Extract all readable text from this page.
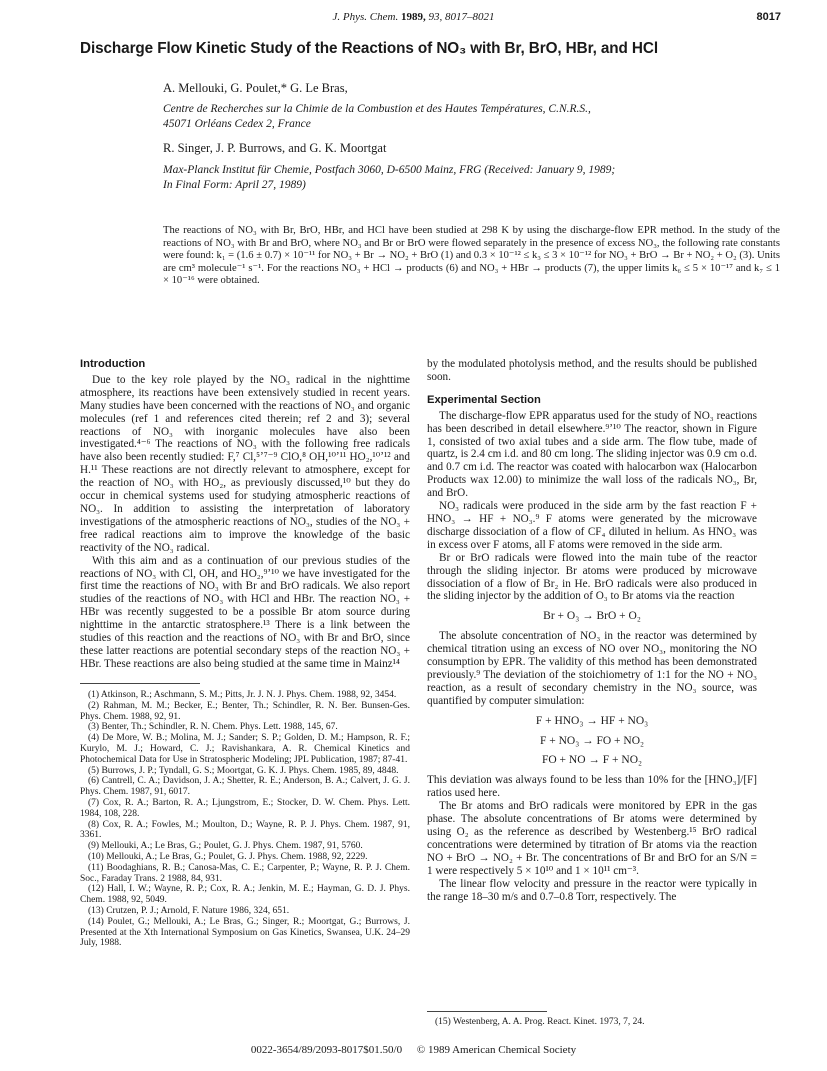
J. Phys. Chem. 1989, 93, 8017–8021	8017
Discharge Flow Kinetic Study of the Reactions of NO₃ with Br, BrO, HBr, and HCl
A. Mellouki, G. Poulet,* G. Le Bras,
Centre de Recherches sur la Chimie de la Combustion et des Hautes Températures, C.N.R.S.,
45071 Orléans Cedex 2, France
R. Singer, J. P. Burrows, and G. K. Moortgat
Max-Planck Institut für Chemie, Postfach 3060, D-6500 Mainz, FRG (Received: January 9, 1989;
In Final Form: April 27, 1989)

The reactions of NO₃ with Br, BrO, HBr, and HCl have been studied at 298 K by using the discharge-flow EPR method. In the study of the reactions of NO₃ with Br and BrO, where NO₃ and Br or BrO were flowed separately in the presence of excess NO₃, the following rate constants were found: k₁ = (1.6 ± 0.7) × 10⁻¹¹ for NO₃ + Br → NO₂ + BrO (1) and 0.3 × 10⁻¹² ≤ k₃ ≤ 3 × 10⁻¹² for NO₃ + BrO → Br + NO₂ + O₂ (3). Units are cm³ molecule⁻¹ s⁻¹. For the reactions NO₃ + HCl → products (6) and NO₃ + HBr → products (7), the upper limits k₆ ≤ 5 × 10⁻¹⁷ and k₇ ≤ 1 × 10⁻¹⁶ were obtained.

Introduction

Due to the key role played by the NO₃ radical in the nighttime atmosphere, its reactions have been extensively studied in recent years. Many studies have been concerned with the reactions of NO₃ and organic molecules (ref 1 and references cited therein; ref 2 and 3); several reactions of NO₃ with inorganic molecules have also been investigated.⁴⁻⁶ The reactions of NO₃ with the following free radicals have also been recently studied: F,⁷ Cl,⁵ʼ⁷⁻⁹ ClO,⁸ OH,¹⁰ʼ¹¹ HO₂,¹⁰ʼ¹² and H.¹¹ These reactions are not directly relevant to atmosphere, except for the reaction of NO₃ with HO₂, as previously discussed,¹⁰ but they do occur in chemical systems used for studying atmospheric reactions of NO₃. In addition to assisting the interpretation of laboratory investigations of the atmospheric reactions of NO₃, studies of the NO₃ + free radical reactions aim to improve the knowledge of the basic reactivity of the NO₃ radical.

With this aim and as a continuation of our previous studies of the reactions of NO₃ with Cl, OH, and HO₂,⁹ʼ¹⁰ we have investigated for the first time the reactions of NO₃ with Br and BrO radicals. We also report studies of the reactions of NO₃ with HCl and HBr. The reaction NO₃ + HBr was recently suggested to be a possible Br atom source during nighttime in the antarctic stratosphere.¹³ There is a link between the studies of this reaction and the reactions of NO₃ with Br and BrO, since these latter reactions are potential secondary steps of the reaction NO₃ + HBr. These reactions are also being studied at the same time in Mainz¹⁴

(1) Atkinson, R.; Aschmann, S. M.; Pitts, Jr. J. N. J. Phys. Chem. 1988, 92, 3454.

(2) Rahman, M. M.; Becker, E.; Benter, Th.; Schindler, R. N. Ber. Bunsen-Ges. Phys. Chem. 1988, 92, 91.

(3) Benter, Th.; Schindler, R. N. Chem. Phys. Lett. 1988, 145, 67.

(4) De More, W. B.; Molina, M. J.; Sander; S. P.; Golden, D. M.; Hampson, R. F.; Kurylo, M. J.; Howard, C. J.; Ravishankara, A. R. Chemical Kinetics and Photochemical Data for Use in Stratospheric Modeling; JPL Publication, 1987; 87-41.

(5) Burrows, J. P.; Tyndall, G. S.; Moortgat, G. K. J. Phys. Chem. 1985, 89, 4848.

(6) Cantrell, C. A.; Davidson, J. A.; Shetter, R. E.; Anderson, B. A.; Calvert, J. G. J. Phys. Chem. 1987, 91, 6017.

(7) Cox, R. A.; Barton, R. A.; Ljungstrom, E.; Stocker, D. W. Chem. Phys. Lett. 1984, 108, 228.

(8) Cox, R. A.; Fowles, M.; Moulton, D.; Wayne, R. P. J. Phys. Chem. 1987, 91, 3361.

(9) Mellouki, A.; Le Bras, G.; Poulet, G. J. Phys. Chem. 1987, 91, 5760.

(10) Mellouki, A.; Le Bras, G.; Poulet, G. J. Phys. Chem. 1988, 92, 2229.

(11) Boodaghians, R. B.; Canosa-Mas, C. E.; Carpenter, P.; Wayne, R. P. J. Chem. Soc., Faraday Trans. 2 1988, 84, 931.

(12) Hall, I. W.; Wayne, R. P.; Cox, R. A.; Jenkin, M. E.; Hayman, G. D. J. Phys. Chem. 1988, 92, 5049.

(13) Crutzen, P. J.; Arnold, F. Nature 1986, 324, 651.

(14) Poulet, G.; Mellouki, A.; Le Bras, G.; Singer, R.; Moortgat, G.; Burrows, J. Presented at the Xth International Symposium on Gas Kinetics, Swansea, U.K. 24–29 July, 1988.

by the modulated photolysis method, and the results should be published soon.

Experimental Section

The discharge-flow EPR apparatus used for the study of NO₃ reactions has been described in detail elsewhere.⁹ʼ¹⁰ The reactor, shown in Figure 1, consisted of two axial tubes and a side arm. The flow tube, made of quartz, is 2.4 cm i.d. and 80 cm long. The sliding injector was 0.9 cm o.d. and 0.7 cm i.d. The reactor was coated with halocarbon wax (Halocarbon Products wax 12.00) to minimize the wall loss of the radicals NO₃, Br, and BrO.

NO₃ radicals were produced in the side arm by the fast reaction F + HNO₃ → HF + NO₃.⁹ F atoms were generated by the microwave discharge dissociation of a flow of CF₄ diluted in helium. As HNO₃ was in excess over F atoms, all F atoms were removed in the side arm.

Br or BrO radicals were flowed into the main tube of the reactor through the sliding injector. Br atoms were produced by microwave dissociation of a flow of Br₂ in He. BrO radicals were also produced in the sliding injector by the addition of O₃ to Br atoms via the reaction

Br + O₃ → BrO + O₂

The absolute concentration of NO₃ in the reactor was determined by chemical titration using an excess of NO over NO₃, monitoring the NO consumption by EPR. The validity of this method has been demonstrated previously.⁹ The deviation of the stoichiometry of 1:1 for the NO + NO₃ reaction, as a result of secondary chemistry in the NO₃ source, was quantified by computer simulation:

F + HNO₃ → HF + NO₃
F + NO₃ → FO + NO₂
FO + NO → F + NO₂

This deviation was always found to be less than 10% for the [HNO₃]/[F] ratios used here.

The Br atoms and BrO radicals were monitored by EPR in the gas phase. The absolute concentrations of Br atoms were determined by using O₂ as the reference as described by Westenberg.¹⁵ BrO radical concentrations were determined by titration of Br atoms via the reaction NO + BrO → NO₂ + Br. The concentrations of Br and BrO for an S/N = 1 were respectively 5 × 10¹⁰ and 1 × 10¹¹ cm⁻³.

The linear flow velocity and pressure in the reactor were typically in the range 18–30 m/s and 0.7–0.8 Torr, respectively. The

(15) Westenberg, A. A. Prog. React. Kinet. 1973, 7, 24.

0022-3654/89/2093-8017$01.50/0 © 1989 American Chemical Society
